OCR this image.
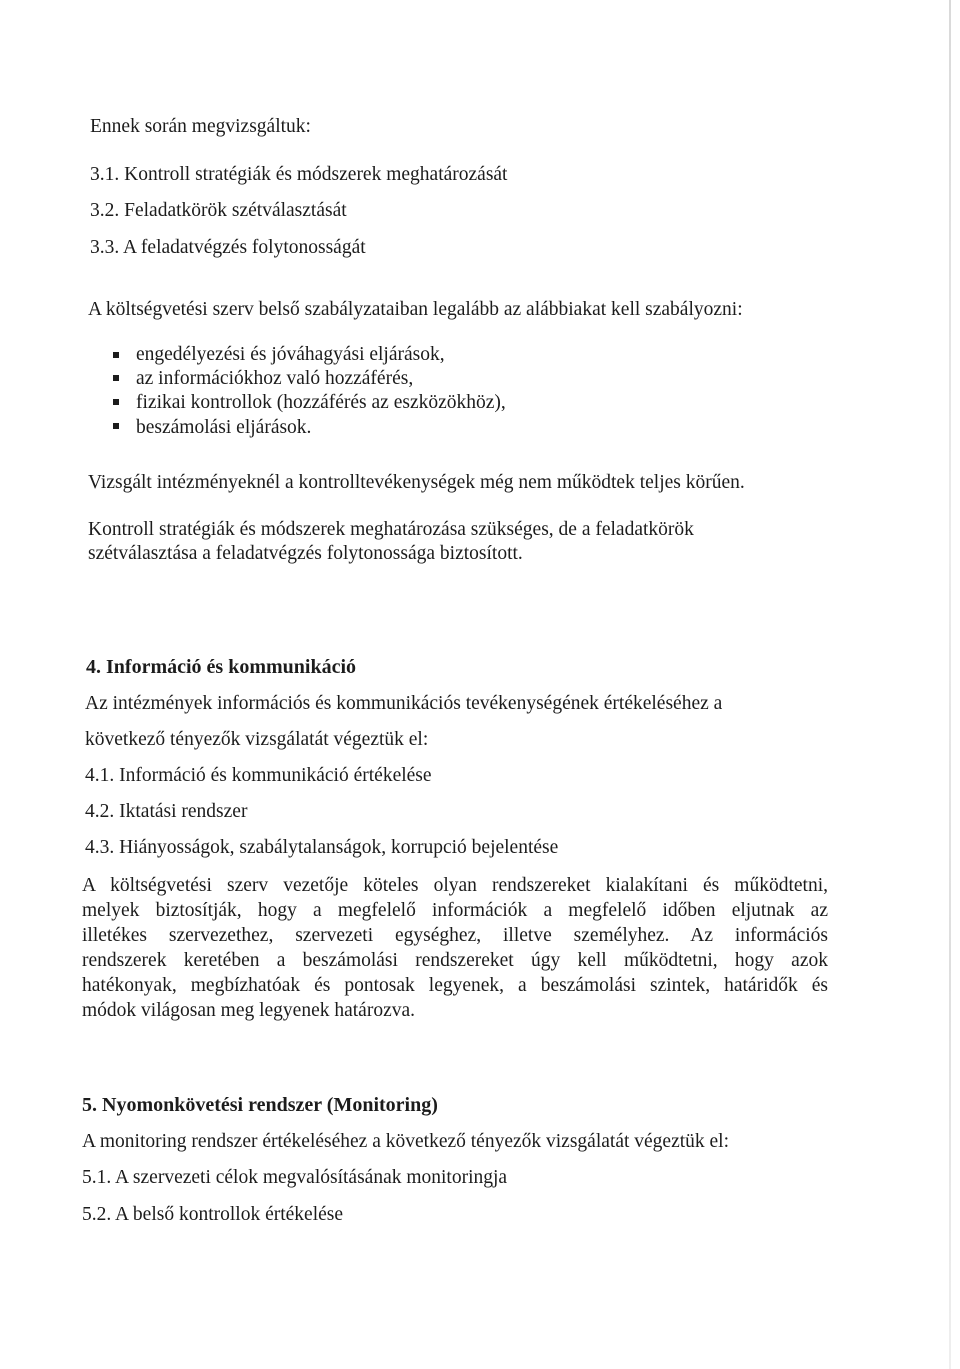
Ennek során megvizsgáltuk:
3.1. Kontroll stratégiák és módszerek meghatározását
3.2. Feladatkörök szétválasztását
3.3. A feladatvégzés folytonosságát
A költségvetési szerv belső szabályzataiban legalább az alábbiakat kell szabályozni:
engedélyezési és jóváhagyási eljárások,
az információkhoz való hozzáférés,
fizikai kontrollok (hozzáférés az eszközökhöz),
beszámolási eljárások.
Vizsgált intézményeknél a kontrolltevékenységek még nem működtek teljes körűen.
Kontroll stratégiák és módszerek meghatározása szükséges, de a feladatkörök
szétválasztása a feladatvégzés folytonossága biztosított.
4. Információ és kommunikáció
Az intézmények információs és kommunikációs tevékenységének értékeléséhez a
következő tényezők vizsgálatát végeztük el:
4.1. Információ és kommunikáció értékelése
4.2. Iktatási rendszer
4.3. Hiányosságok, szabálytalanságok, korrupció bejelentése
A költségvetési szerv vezetője köteles olyan rendszereket kialakítani és működtetni,
melyek biztosítják, hogy a megfelelő információk a megfelelő időben eljutnak az
illetékes szervezethez, szervezeti egységhez, illetve személyhez. Az információs
rendszerek keretében a beszámolási rendszereket úgy kell működtetni, hogy azok
hatékonyak, megbízhatóak és pontosak legyenek, a beszámolási szintek, határidők és
módok világosan meg legyenek határozva.
5. Nyomonkövetési rendszer (Monitoring)
A monitoring rendszer értékeléséhez a következő tényezők vizsgálatát végeztük el:
5.1. A szervezeti célok megvalósításának monitoringja
5.2. A belső kontrollok értékelése
